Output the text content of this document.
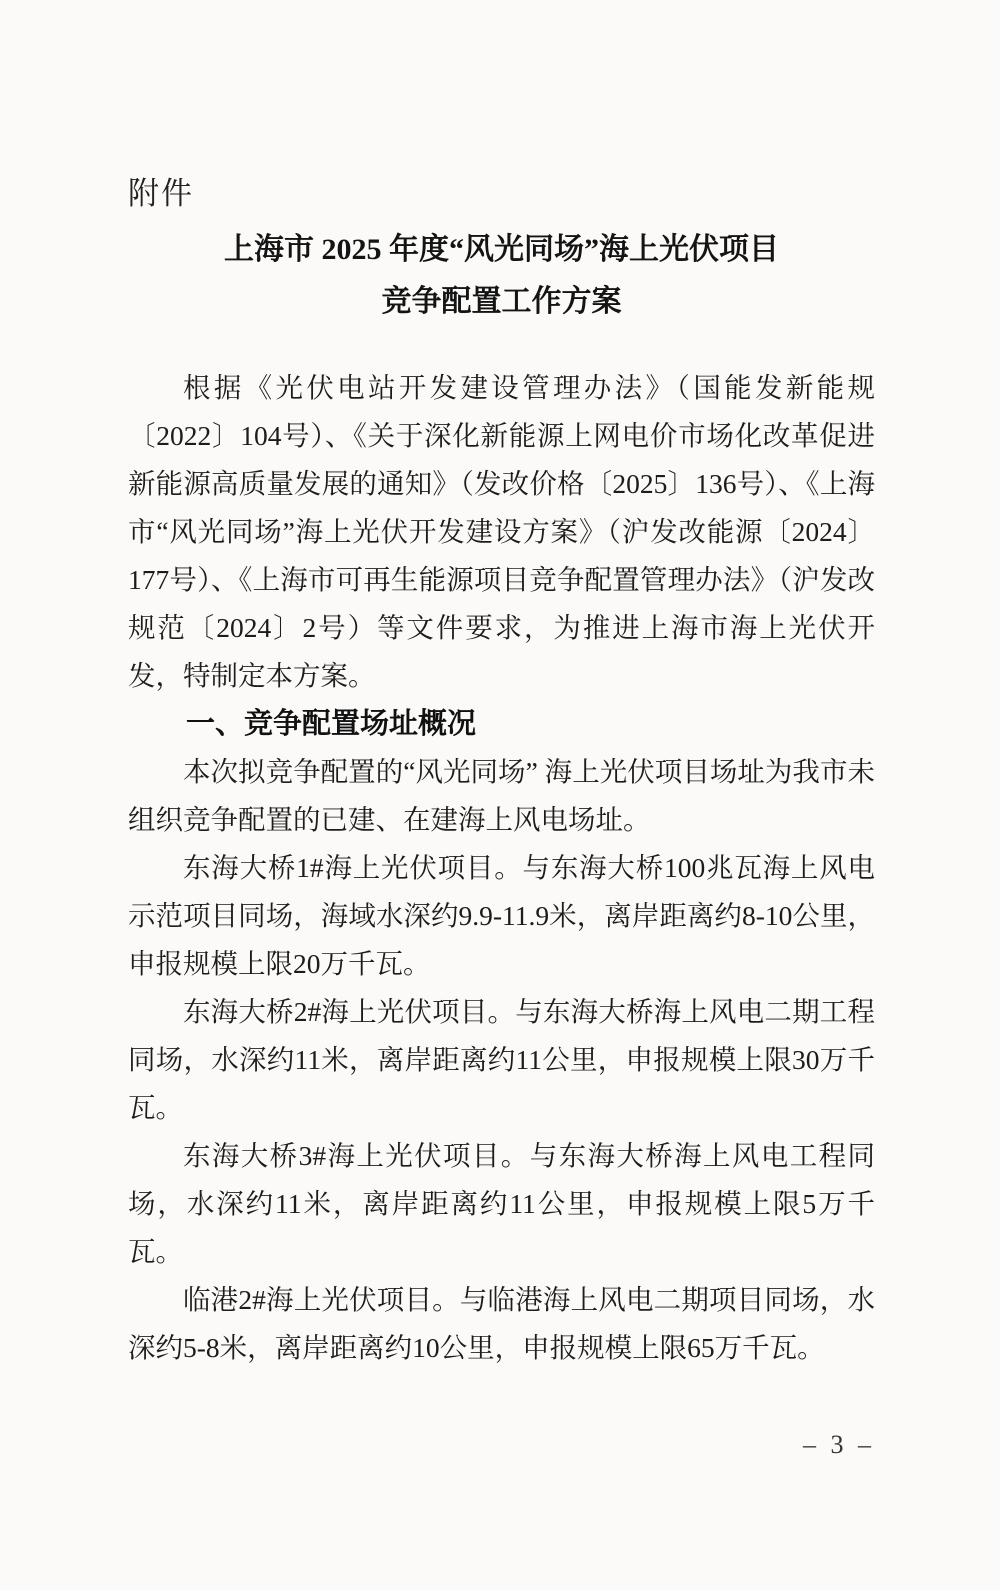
附件
上海市 2025 年度“风光同场”海上光伏项目
竞争配置工作方案

根据《光伏电站开发建设管理办法》（国能发新能规〔2022〕104号）、《关于深化新能源上网电价市场化改革促进新能源高质量发展的通知》（发改价格〔2025〕136号）、《上海市“风光同场”海上光伏开发建设方案》（沪发改能源〔2024〕177号）、《上海市可再生能源项目竞争配置管理办法》（沪发改规范〔2024〕2号）等文件要求，为推进上海市海上光伏开发，特制定本方案。

一、竞争配置场址概况

本次拟竞争配置的“风光同场” 海上光伏项目场址为我市未组织竞争配置的已建、在建海上风电场址。

东海大桥1#海上光伏项目。与东海大桥100兆瓦海上风电示范项目同场，海域水深约9.9-11.9米，离岸距离约8-10公里，申报规模上限20万千瓦。

东海大桥2#海上光伏项目。与东海大桥海上风电二期工程同场，水深约11米，离岸距离约11公里，申报规模上限30万千瓦。

东海大桥3#海上光伏项目。与东海大桥海上风电工程同场，水深约11米，离岸距离约11公里，申报规模上限5万千瓦。

临港2#海上光伏项目。与临港海上风电二期项目同场，水深约5-8米，离岸距离约10公里，申报规模上限65万千瓦。

– 3 –
